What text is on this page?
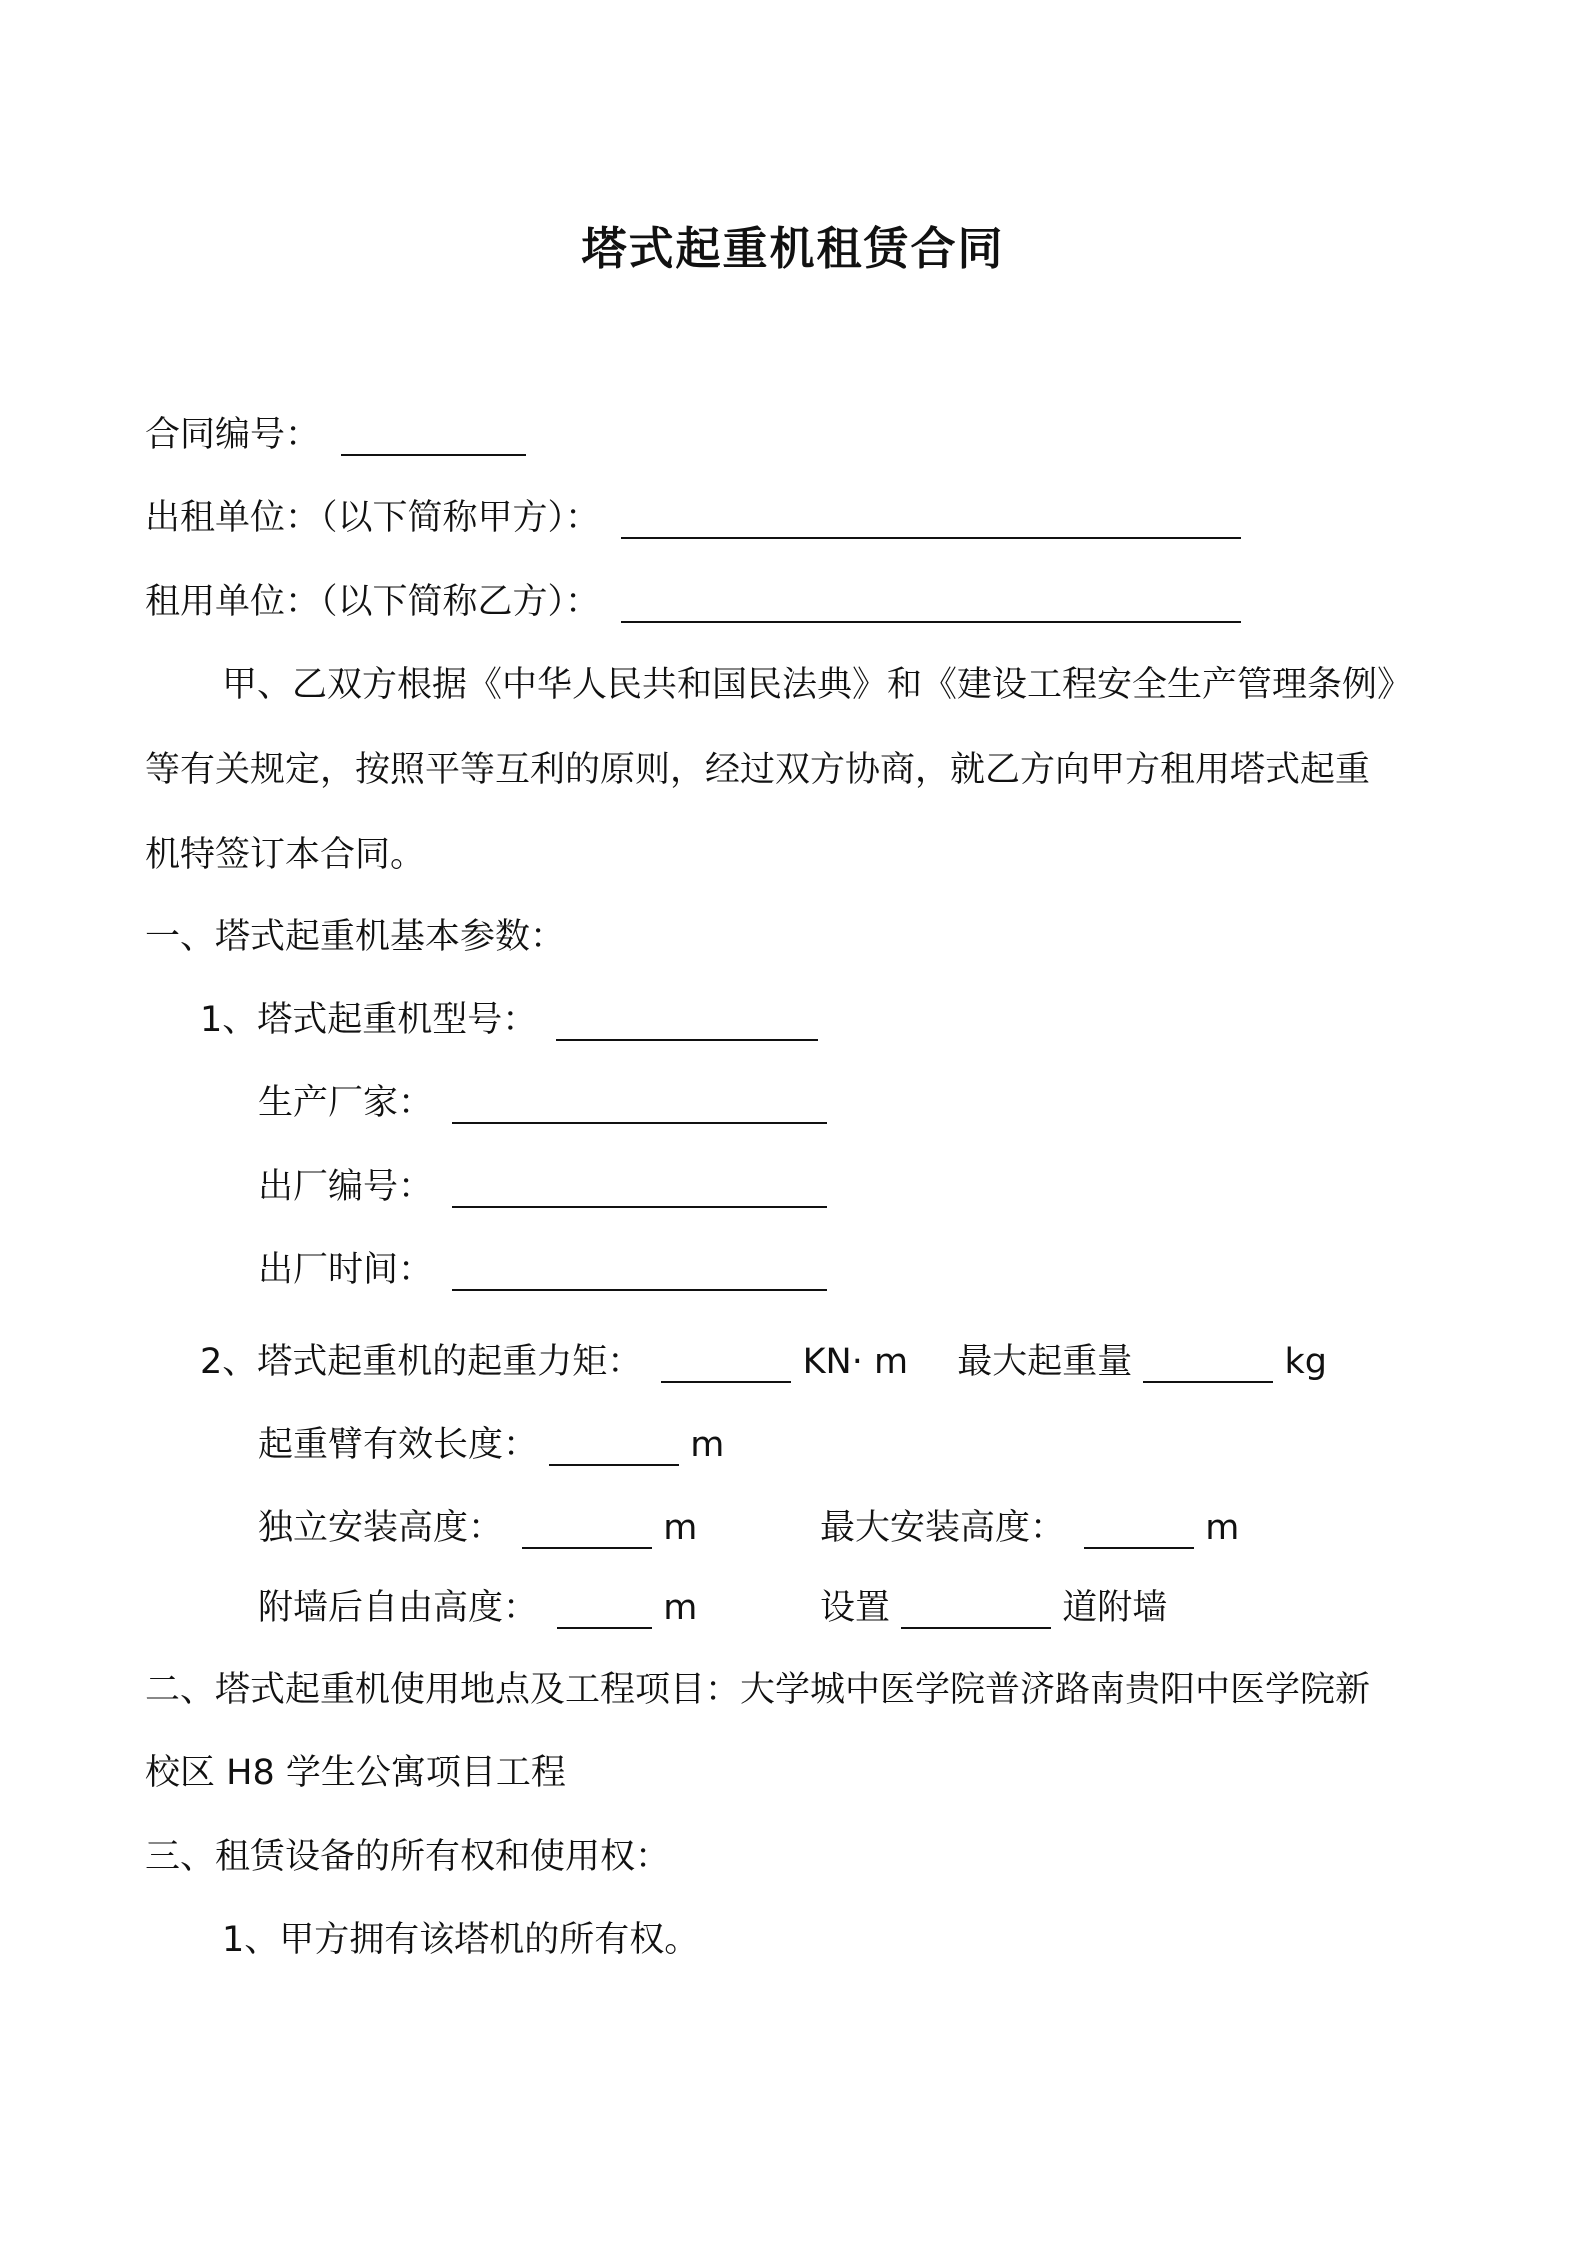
塔式起重机租赁合同
合同编号：
出租单位：（以下简称甲方）：
租用单位：（以下简称乙方）：
甲、乙双方根据《中华人民共和国民法典》和《建设工程安全生产管理条例》
等有关规定，按照平等互利的原则，经过双方协商，就乙方向甲方租用塔式起重
机特签订本合同。
一、塔式起重机基本参数：
1、塔式起重机型号：
生产厂家：
出厂编号：
出厂时间：
2、塔式起重机的起重力矩：	KN· m 最大起重量	kg
起重臂有效长度：	m
独立安装高度：	m	最大安装高度：	m
附墙后自由高度：	m	设置	道附墙
二、塔式起重机使用地点及工程项目：大学城中医学院普济路南贵阳中医学院新
校区 H8 学生公寓项目工程
三、租赁设备的所有权和使用权：
1、甲方拥有该塔机的所有权。
